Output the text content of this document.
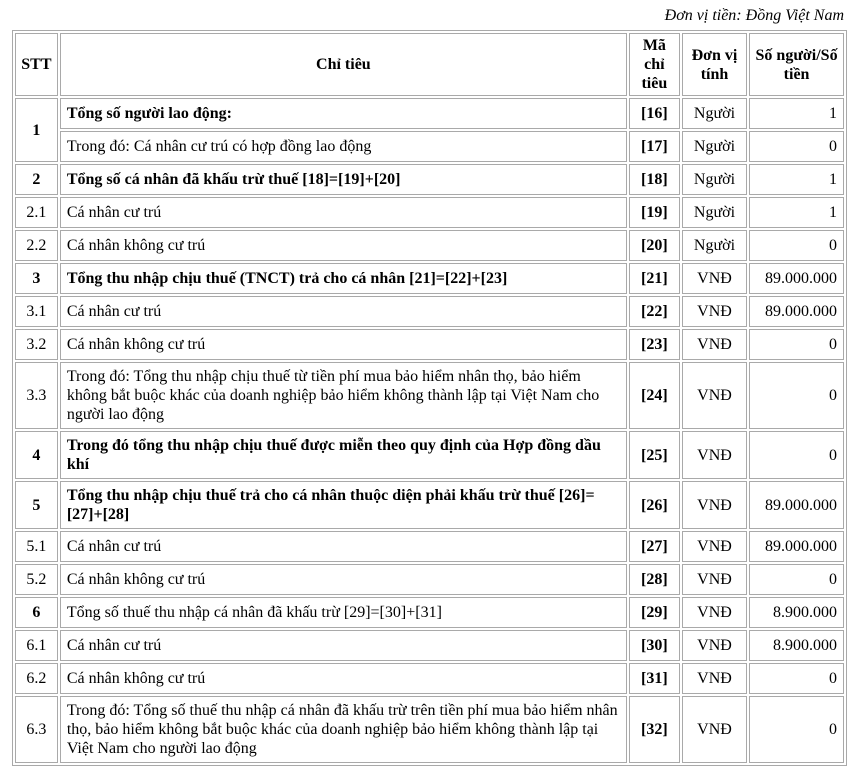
Đơn vị tiền: Đồng Việt Nam
STT	Chỉ tiêu	Mã chỉ tiêu	Đơn vị tính	Số người/Số tiền
1	Tổng số người lao động:	[16]	Người	1
	Trong đó: Cá nhân cư trú có hợp đồng lao động	[17]	Người	0
2	Tổng số cá nhân đã khấu trừ thuế [18]=[19]+[20]	[18]	Người	1
2.1	Cá nhân cư trú	[19]	Người	1
2.2	Cá nhân không cư trú	[20]	Người	0
3	Tổng thu nhập chịu thuế (TNCT) trả cho cá nhân [21]=[22]+[23]	[21]	VNĐ	89.000.000
3.1	Cá nhân cư trú	[22]	VNĐ	89.000.000
3.2	Cá nhân không cư trú	[23]	VNĐ	0
3.3	Trong đó: Tổng thu nhập chịu thuế từ tiền phí mua bảo hiểm nhân thọ, bảo hiểm không bắt buộc khác của doanh nghiệp bảo hiểm không thành lập tại Việt Nam cho người lao động	[24]	VNĐ	0
4	Trong đó tổng thu nhập chịu thuế được miễn theo quy định của Hợp đồng dầu khí	[25]	VNĐ	0
5	Tổng thu nhập chịu thuế trả cho cá nhân thuộc diện phải khấu trừ thuế [26]= [27]+[28]	[26]	VNĐ	89.000.000
5.1	Cá nhân cư trú	[27]	VNĐ	89.000.000
5.2	Cá nhân không cư trú	[28]	VNĐ	0
6	Tổng số thuế thu nhập cá nhân đã khấu trừ [29]=[30]+[31]	[29]	VNĐ	8.900.000
6.1	Cá nhân cư trú	[30]	VNĐ	8.900.000
6.2	Cá nhân không cư trú	[31]	VNĐ	0
6.3	Trong đó: Tổng số thuế thu nhập cá nhân đã khấu trừ trên tiền phí mua bảo hiểm nhân thọ, bảo hiểm không bắt buộc khác của doanh nghiệp bảo hiểm không thành lập tại Việt Nam cho người lao động	[32]	VNĐ	0
